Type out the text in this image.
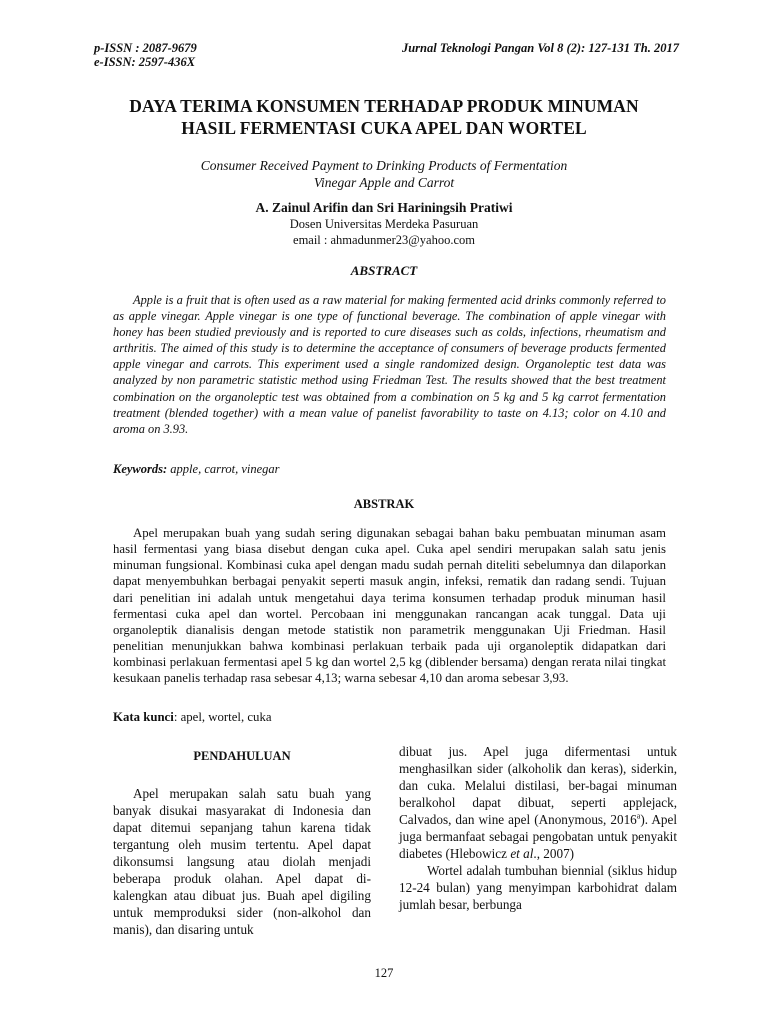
p-ISSN : 2087-9679
e-ISSN: 2597-436X
Jurnal Teknologi Pangan Vol 8 (2): 127-131 Th. 2017
DAYA TERIMA KONSUMEN TERHADAP PRODUK MINUMAN
HASIL FERMENTASI CUKA APEL DAN WORTEL
Consumer Received Payment to Drinking Products of Fermentation
Vinegar Apple and Carrot
A. Zainul Arifin dan Sri Hariningsih Pratiwi
Dosen Universitas Merdeka Pasuruan
email : ahmadunmer23@yahoo.com
ABSTRACT
Apple is a fruit that is often used as a raw material for making fermented acid drinks commonly referred to as apple vinegar. Apple vinegar is one type of functional beverage. The combination of apple vinegar with honey has been studied previously and is reported to cure diseases such as colds, infections, rheumatism and arthritis. The aimed of this study is to determine the acceptance of consumers of beverage products fermented apple vinegar and carrots. This experiment used a single randomized design. Organoleptic test data was analyzed by non parametric statistic method using Friedman Test. The results showed that the best treatment combination on the organoleptic test was obtained from a combination on 5 kg and 5 kg carrot fermentation treatment (blended together) with a mean value of panelist favorability to taste on 4.13; color on 4.10 and aroma on 3.93.
Keywords: apple, carrot, vinegar
ABSTRAK
Apel merupakan buah yang sudah sering digunakan sebagai bahan baku pembuatan minuman asam hasil fermentasi yang biasa disebut dengan cuka apel. Cuka apel sendiri merupakan salah satu jenis minuman fungsional. Kombinasi cuka apel dengan madu sudah pernah diteliti sebelumnya dan dilaporkan dapat menyembuhkan berbagai penyakit seperti masuk angin, infeksi, rematik dan radang sendi. Tujuan dari penelitian ini adalah untuk mengetahui daya terima konsumen terhadap produk minuman hasil fermentasi cuka apel dan wortel. Percobaan ini menggunakan rancangan acak tunggal. Data uji organoleptik dianalisis dengan metode statistik non parametrik menggunakan Uji Friedman. Hasil penelitian menunjukkan bahwa kombinasi perlakuan terbaik pada uji organoleptik didapatkan dari kombinasi perlakuan fermentasi apel 5 kg dan wortel 2,5 kg (diblender bersama) dengan rerata nilai tingkat kesukaan panelis terhadap rasa sebesar 4,13; warna sebesar 4,10 dan aroma sebesar 3,93.
Kata kunci: apel, wortel, cuka
PENDAHULUAN

Apel merupakan salah satu buah yang banyak disukai masyarakat di Indonesia dan dapat ditemui sepanjang tahun karena tidak tergantung oleh musim tertentu. Apel dapat dikonsumsi langsung atau diolah menjadi beberapa produk olahan. Apel dapat di-kalengkan atau dibuat jus. Buah apel digiling untuk memproduksi sider (non-alkohol dan manis), dan disaring untuk

dibuat jus. Apel juga difermentasi untuk menghasilkan sider (alkoholik dan keras), siderkin, dan cuka. Melalui distilasi, ber-bagai minuman beralkohol dapat dibuat, seperti applejack, Calvados, dan wine apel (Anonymous, 2016$^a$). Apel juga bermanfaat sebagai pengobatan untuk penyakit diabetes (Hlebowicz et al., 2007)

Wortel adalah tumbuhan biennial (siklus hidup 12-24 bulan) yang menyimpan karbohidrat dalam jumlah besar, berbunga

127
